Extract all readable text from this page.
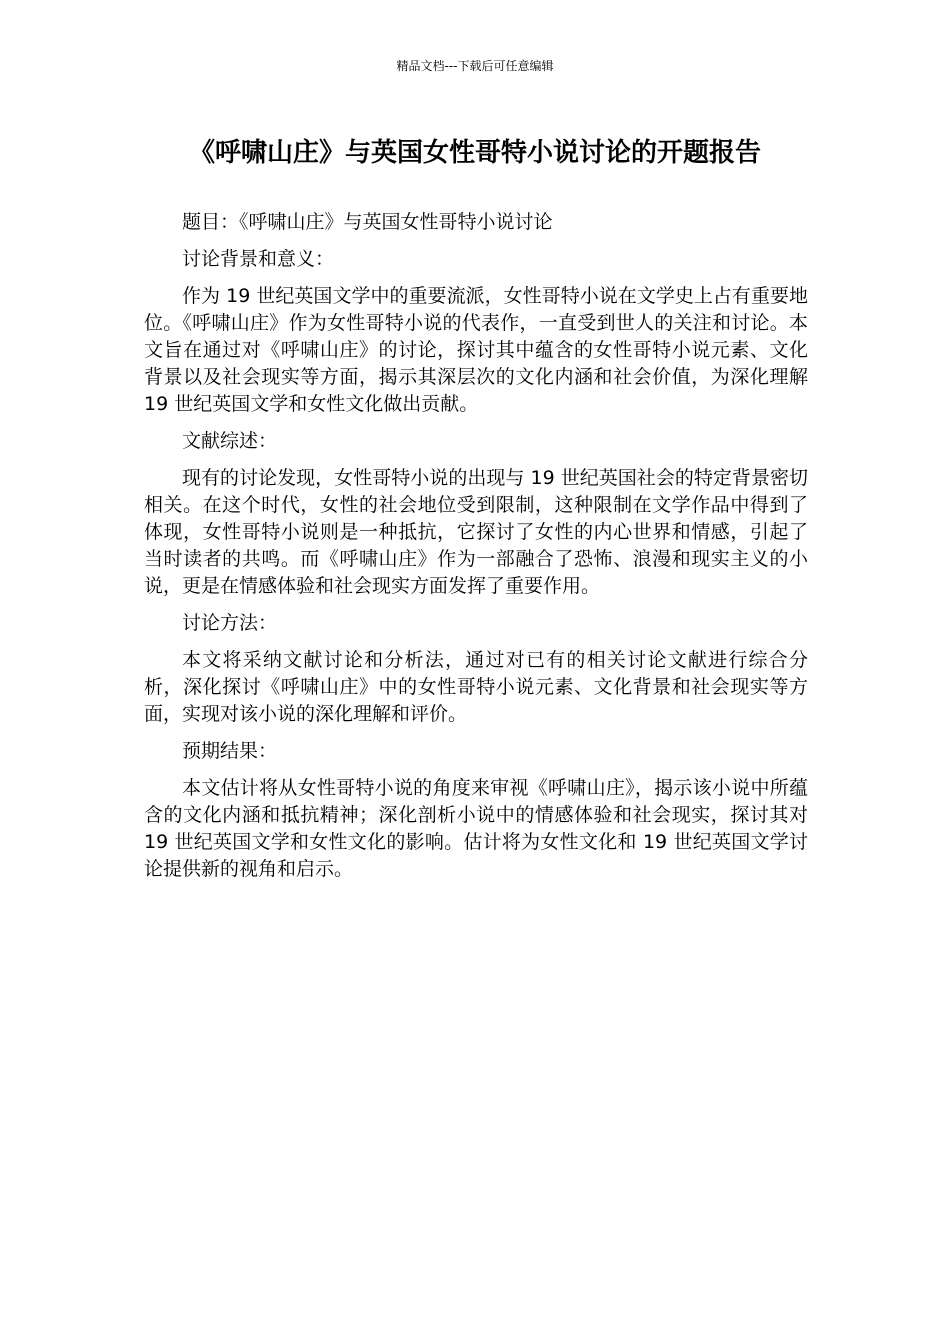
精品文档---下载后可任意编辑
《呼啸山庄》与英国女性哥特小说讨论的开题报告

题目：《呼啸山庄》与英国女性哥特小说讨论

讨论背景和意义：

作为 19 世纪英国文学中的重要流派，女性哥特小说在文学史上占有重要地位。《呼啸山庄》作为女性哥特小说的代表作，一直受到世人的关注和讨论。本文旨在通过对《呼啸山庄》的讨论，探讨其中蕴含的女性哥特小说元素、文化背景以及社会现实等方面，揭示其深层次的文化内涵和社会价值，为深化理解 19 世纪英国文学和女性文化做出贡献。

文献综述：

现有的讨论发现，女性哥特小说的出现与 19 世纪英国社会的特定背景密切相关。在这个时代，女性的社会地位受到限制，这种限制在文学作品中得到了体现，女性哥特小说则是一种抵抗，它探讨了女性的内心世界和情感，引起了当时读者的共鸣。而《呼啸山庄》作为一部融合了恐怖、浪漫和现实主义的小说，更是在情感体验和社会现实方面发挥了重要作用。

讨论方法：

本文将采纳文献讨论和分析法，通过对已有的相关讨论文献进行综合分析，深化探讨《呼啸山庄》中的女性哥特小说元素、文化背景和社会现实等方面，实现对该小说的深化理解和评价。

预期结果：

本文估计将从女性哥特小说的角度来审视《呼啸山庄》，揭示该小说中所蕴含的文化内涵和抵抗精神；深化剖析小说中的情感体验和社会现实，探讨其对 19 世纪英国文学和女性文化的影响。估计将为女性文化和 19 世纪英国文学讨论提供新的视角和启示。
